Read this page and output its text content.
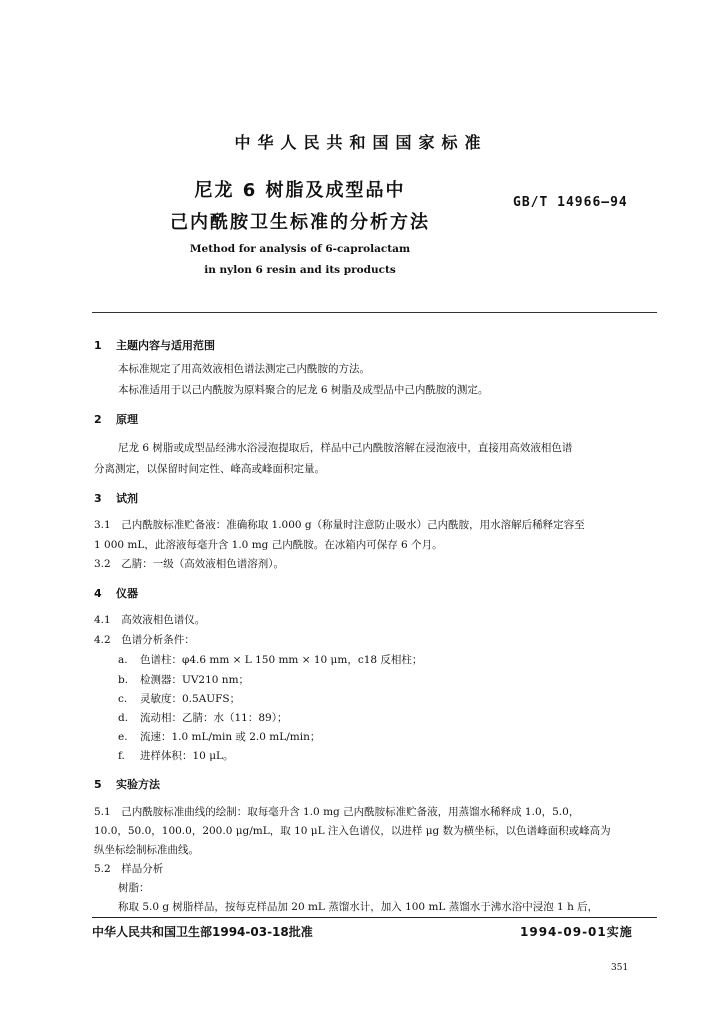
中华人民共和国国家标准
尼龙 6 树脂及成型品中
己内酰胺卫生标准的分析方法
GB/T 14966—94
Method for analysis of 6-caprolactam
in nylon 6 resin and its products
1 主题内容与适用范围
本标准规定了用高效液相色谱法测定己内酰胺的方法。
本标准适用于以己内酰胺为原料聚合的尼龙 6 树脂及成型品中己内酰胺的测定。
2 原理
尼龙 6 树脂或成型品经沸水浴浸泡提取后，样品中己内酰胺溶解在浸泡液中，直接用高效液相色谱
分离测定，以保留时间定性、峰高或峰面积定量。
3 试剂
3.1　己内酰胺标准贮备液：准确称取 1.000 g（称量时注意防止吸水）己内酰胺，用水溶解后稀释定容至
1 000 mL，此溶液每毫升含 1.0 mg 己内酰胺。在冰箱内可保存 6 个月。
3.2　乙腈：一级（高效液相色谱溶剂）。
4 仪器
4.1　高效液相色谱仪。
4.2　色谱分析条件：
a. 色谱柱：φ4.6 mm × L 150 mm × 10 μm，c18 反相柱；
b. 检测器：UV210 nm；
c. 灵敏度：0.5AUFS；
d. 流动相：乙腈：水（11：89）；
e. 流速：1.0 mL/min 或 2.0 mL/min；
f. 进样体积：10 μL。
5 实验方法
5.1　己内酰胺标准曲线的绘制：取每毫升含 1.0 mg 己内酰胺标准贮备液，用蒸馏水稀释成 1.0，5.0，
10.0，50.0，100.0，200.0 μg/mL，取 10 μL 注入色谱仪，以进样 μg 数为横坐标，以色谱峰面积或峰高为
纵坐标绘制标准曲线。
5.2　样品分析
树脂：
称取 5.0 g 树脂样品，按每克样品加 20 mL 蒸馏水计，加入 100 mL 蒸馏水于沸水浴中浸泡 1 h 后，
中华人民共和国卫生部1994-03-18批准	1994-09-01实施
351
